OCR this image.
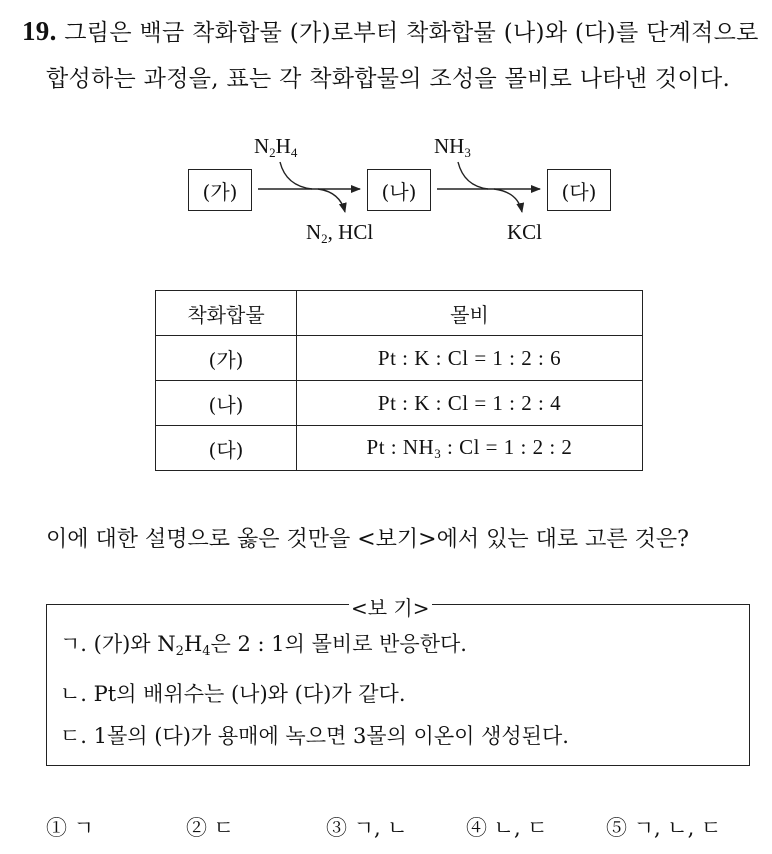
19. 그림은 백금 착화합물 (가)로부터 착화합물 (나)와 (다)를 단계적으로
합성하는 과정을, 표는 각 착화합물의 조성을 몰비로 나타낸 것이다.
(가)	(나)	(다)
$N_2H_4$
$N_2$, HCl
$NH_3$
KCl
착화합물	몰비
(가)	Pt : K : Cl = 1 : 2 : 6
(나)	Pt : K : Cl = 1 : 2 : 4
(다)	Pt : $NH_3$ : Cl = 1 : 2 : 2
이에 대한 설명으로 옳은 것만을 <보기>에서 있는 대로 고른 것은?
<보 기>
ㄱ. (가)와 $N_2H_4$은 2 : 1의 몰비로 반응한다.
ㄴ. Pt의 배위수는 (나)와 (다)가 같다.
ㄷ. 1몰의 (다)가 용매에 녹으면 3몰의 이온이 생성된다.
① ㄱ	② ㄷ	③ ㄱ, ㄴ	④ ㄴ, ㄷ	⑤ ㄱ, ㄴ, ㄷ
